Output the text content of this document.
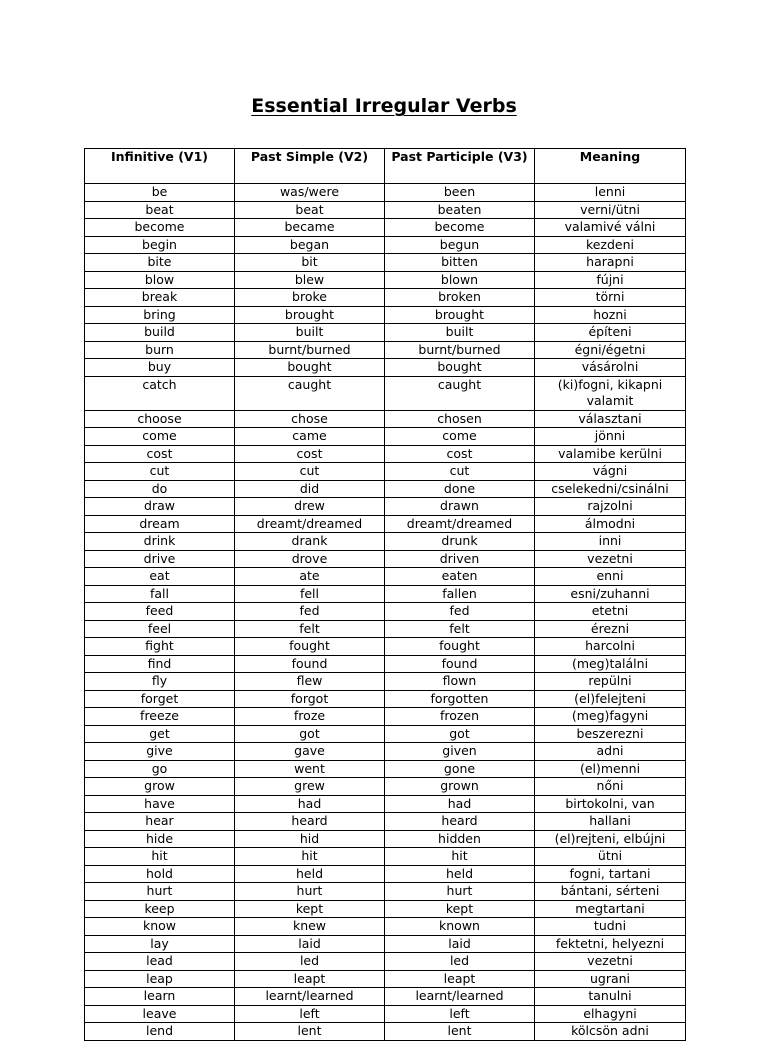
Essential Irregular Verbs
Infinitive (V1)	Past Simple (V2)	Past Participle (V3)	Meaning
be	was/were	been	lenni
beat	beat	beaten	verni/ütni
become	became	become	valamivé válni
begin	began	begun	kezdeni
bite	bit	bitten	harapni
blow	blew	blown	fújni
break	broke	broken	törni
bring	brought	brought	hozni
build	built	built	építeni
burn	burnt/burned	burnt/burned	égni/égetni
buy	bought	bought	vásárolni
catch	caught	caught	(ki)fogni, kikapni valamit
choose	chose	chosen	választani
come	came	come	jönni
cost	cost	cost	valamibe kerülni
cut	cut	cut	vágni
do	did	done	cselekedni/csinálni
draw	drew	drawn	rajzolni
dream	dreamt/dreamed	dreamt/dreamed	álmodni
drink	drank	drunk	inni
drive	drove	driven	vezetni
eat	ate	eaten	enni
fall	fell	fallen	esni/zuhanni
feed	fed	fed	etetni
feel	felt	felt	érezni
fight	fought	fought	harcolni
find	found	found	(meg)találni
fly	flew	flown	repülni
forget	forgot	forgotten	(el)felejteni
freeze	froze	frozen	(meg)fagyni
get	got	got	beszerezni
give	gave	given	adni
go	went	gone	(el)menni
grow	grew	grown	nőni
have	had	had	birtokolni, van
hear	heard	heard	hallani
hide	hid	hidden	(el)rejteni, elbújni
hit	hit	hit	ütni
hold	held	held	fogni, tartani
hurt	hurt	hurt	bántani, sérteni
keep	kept	kept	megtartani
know	knew	known	tudni
lay	laid	laid	fektetni, helyezni
lead	led	led	vezetni
leap	leapt	leapt	ugrani
learn	learnt/learned	learnt/learned	tanulni
leave	left	left	elhagyni
lend	lent	lent	kölcsön adni
